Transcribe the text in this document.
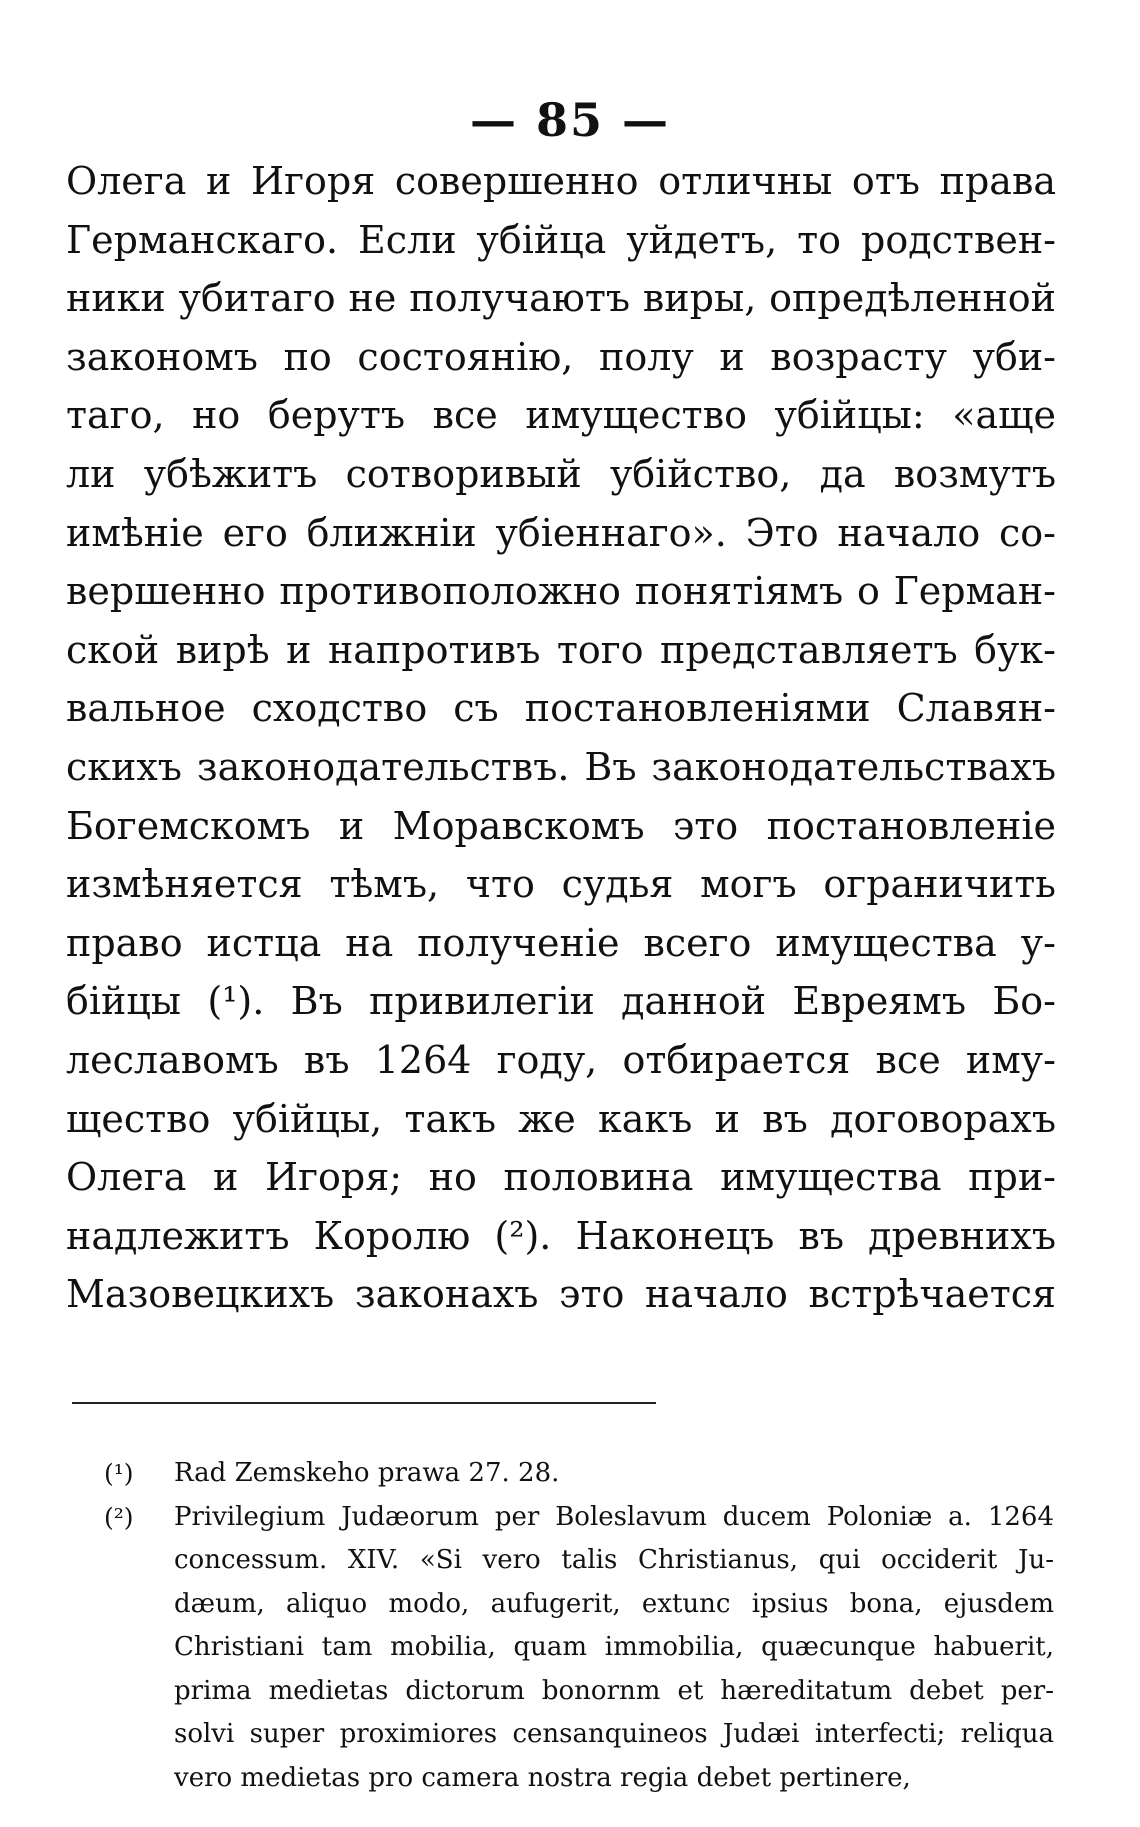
— 85 —
Олега и Игоря совершенно отличны отъ права
Германскаго. Если убійца уйдетъ, то родствен-
ники убитаго не получаютъ виры, опредѣленной
закономъ по состоянію, полу и возрасту уби-
таго, но берутъ все имущество убійцы: «аще
ли убѣжитъ сотворивый убійство, да возмутъ
имѣніе его ближніи убіеннаго». Это начало со-
вершенно противоположно понятіямъ о Герман-
ской вирѣ и напротивъ того представляетъ бук-
вальное сходство съ постановленіями Славян-
скихъ законодательствъ. Въ законодательствахъ
Богемскомъ и Моравскомъ это постановленіе
измѣняется тѣмъ, что судья могъ ограничить
право истца на полученіе всего имущества у-
бійцы (¹). Въ привилегіи данной Евреямъ Бо-
леславомъ въ 1264 году, отбирается все иму-
щество убійцы, такъ же какъ и въ договорахъ
Олега и Игоря; но половина имущества при-
надлежитъ Королю (²). Наконецъ въ древнихъ
Мазовецкихъ законахъ это начало встрѣчается
(¹) Rad Zemskeho prawa 27. 28.
(²) Privilegium Judæorum per Boleslavum ducem Poloniæ a. 1264
concessum. XIV. «Si vero talis Christianus, qui occiderit Ju-
dæum, aliquo modo, aufugerit, extunc ipsius bona, ejusdem
Christiani tam mobilia, quam immobilia, quæcunque habuerit,
prima medietas dictorum bonornm et hæreditatum debet per-
solvi super proximiores censanquineos Judæi interfecti; reliqua
vero medietas pro camera nostra regia debet pertinere,
